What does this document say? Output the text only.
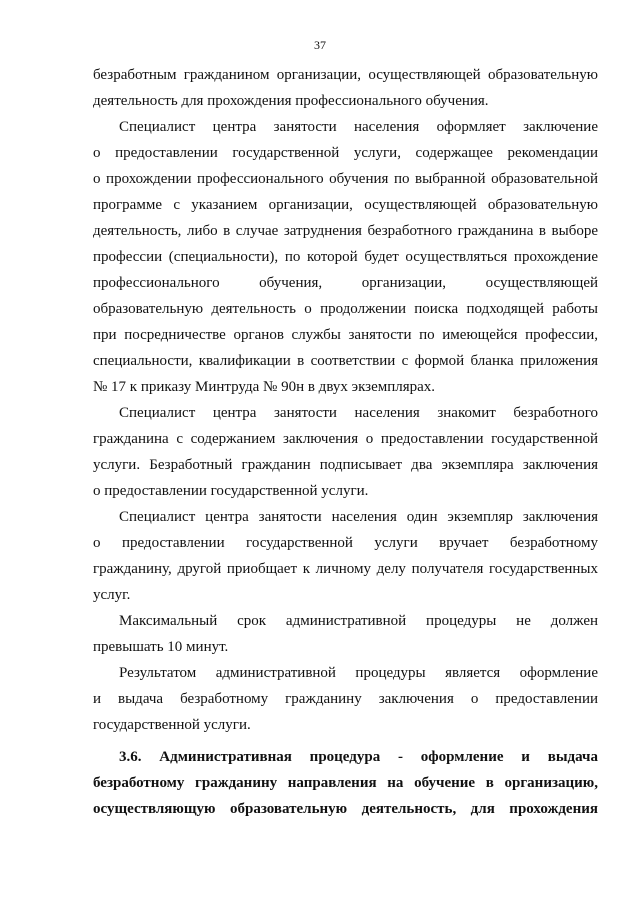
37

безработным гражданином организации, осуществляющей образовательную
деятельность для прохождения профессионального обучения.

Специалист центра занятости населения оформляет заключение
о предоставлении государственной услуги, содержащее рекомендации
о прохождении профессионального обучения по выбранной образовательной
программе с указанием организации, осуществляющей образовательную
деятельность, либо в случае затруднения безработного гражданина в выборе
профессии (специальности), по которой будет осуществляться прохождение
профессионального обучения, организации, осуществляющей
образовательную деятельность о продолжении поиска подходящей работы
при посредничестве органов службы занятости по имеющейся профессии,
специальности, квалификации в соответствии с формой бланка приложения
№ 17 к приказу Минтруда № 90н в двух экземплярах.

Специалист центра занятости населения знакомит безработного
гражданина с содержанием заключения о предоставлении государственной
услуги. Безработный гражданин подписывает два экземпляра заключения
о предоставлении государственной услуги.

Специалист центра занятости населения один экземпляр заключения
о предоставлении государственной услуги вручает безработному
гражданину, другой приобщает к личному делу получателя государственных
услуг.

Максимальный срок административной процедуры не должен
превышать 10 минут.

Результатом административной процедуры является оформление
и выдача безработному гражданину заключения о предоставлении
государственной услуги.

3.6. Административная процедура - оформление и выдача
безработному гражданину направления на обучение в организацию,
осуществляющую образовательную деятельность, для прохождения
